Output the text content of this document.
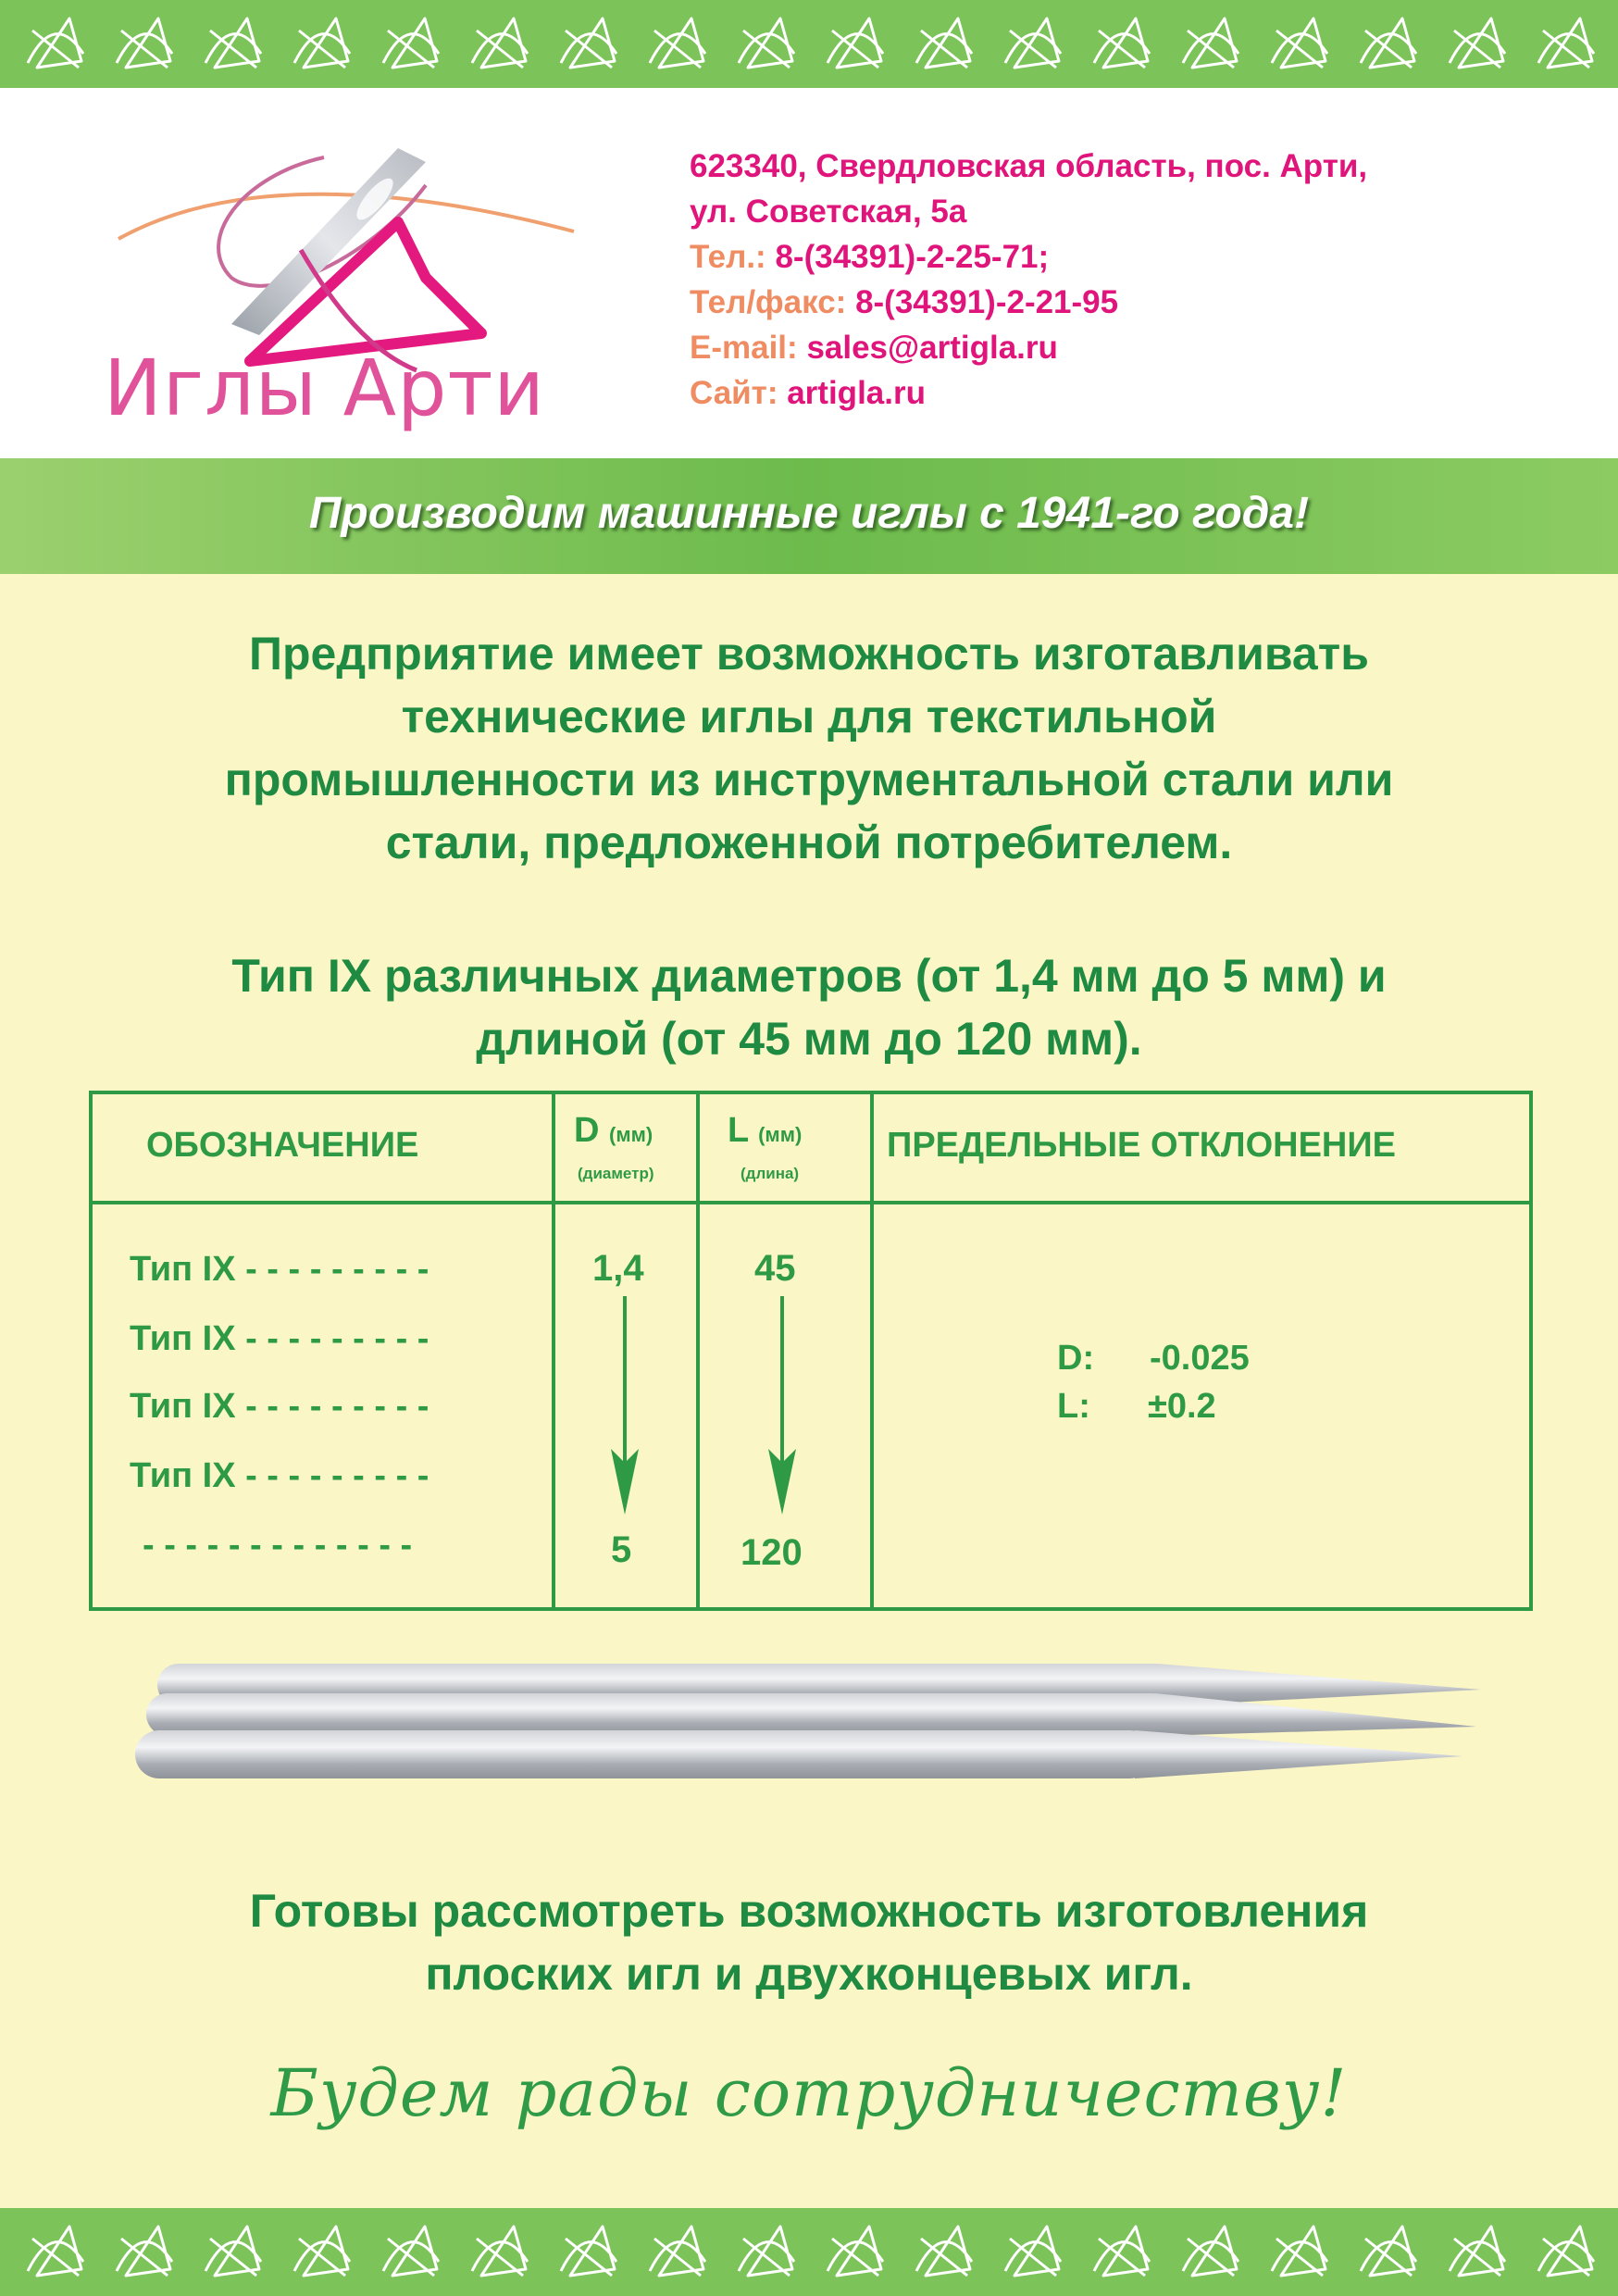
Иглы Арти
623340, Свердловская область, пос. Арти,
ул. Советская, 5а
Тел.: 8-(34391)-2-25-71;
Тел/факс: 8-(34391)-2-21-95
E-mail: sales@artigla.ru
Сайт: artigla.ru
Производим машинные иглы с 1941-го года!
Предприятие имеет возможность изготавливать
технические иглы для текстильной
промышленности из инструментальной стали или
стали, предложенной потребителем.
Тип IX различных диаметров (от 1,4 мм до 5 мм) и
длиной (от 45 мм до 120 мм).
ОБОЗНАЧЕНИЕ	D (мм)
(диаметр)
L (мм)
(длина)
ПРЕДЕЛЬНЫЕ ОТКЛОНЕНИЕ
Тип IX - - - - - - - - -
Тип IX - - - - - - - - -
Тип IX - - - - - - - - -
Тип IX - - - - - - - - -
- - - - - - - - - - - - -
1,4
5
45
120
D: -0.025
L: ±0.2
Готовы рассмотреть возможность изготовления
плоских игл и двухконцевых игл.
Будем рады сотрудничеству!
